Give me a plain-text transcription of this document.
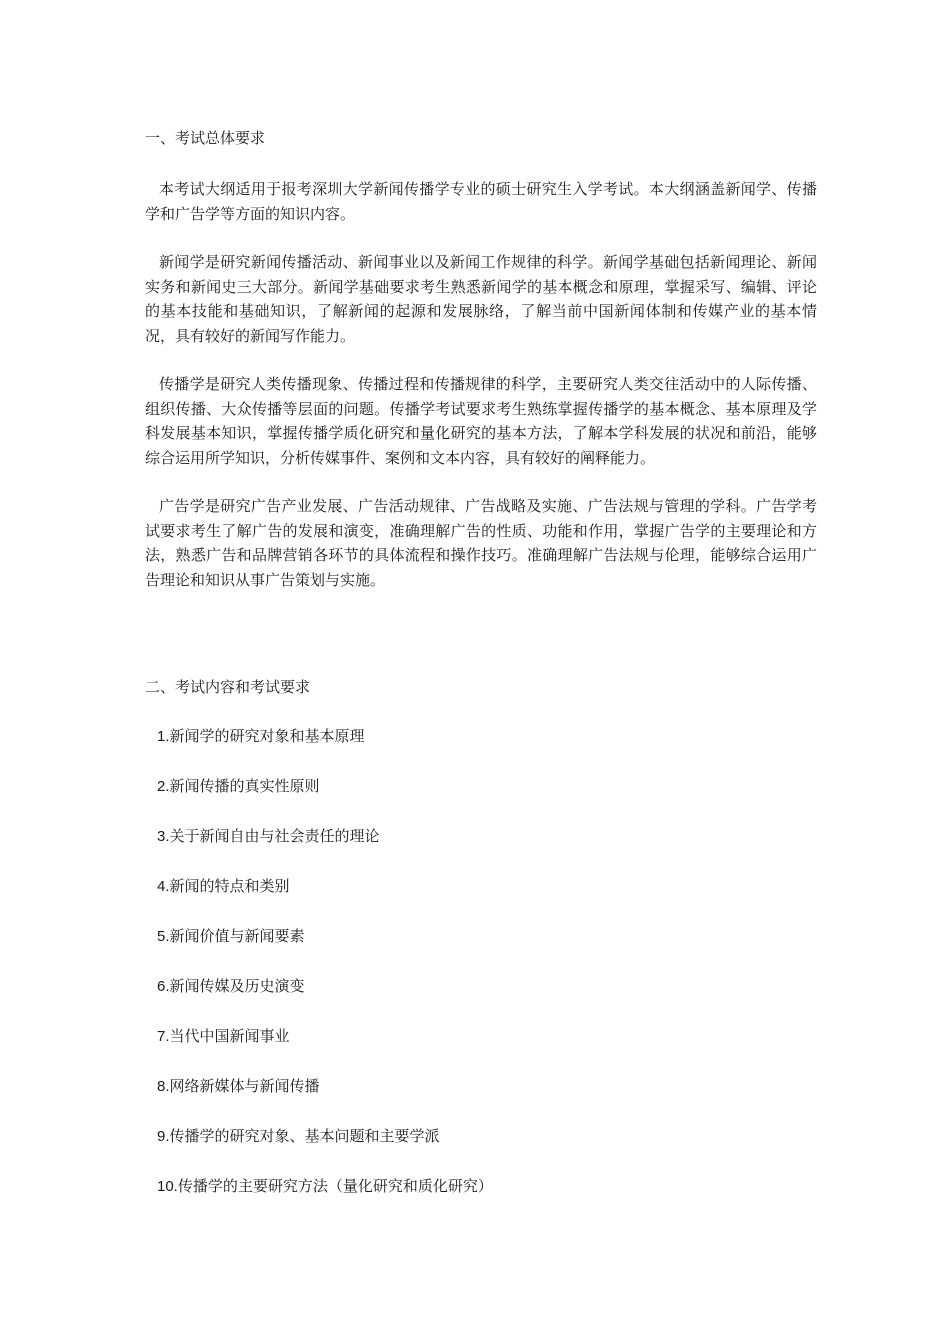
一、考试总体要求

本考试大纲适用于报考深圳大学新闻传播学专业的硕士研究生入学考试。本大纲涵盖新闻学、传播学和广告学等方面的知识内容。

新闻学是研究新闻传播活动、新闻事业以及新闻工作规律的科学。新闻学基础包括新闻理论、新闻实务和新闻史三大部分。新闻学基础要求考生熟悉新闻学的基本概念和原理，掌握采写、编辑、评论的基本技能和基础知识，了解新闻的起源和发展脉络，了解当前中国新闻体制和传媒产业的基本情况，具有较好的新闻写作能力。

传播学是研究人类传播现象、传播过程和传播规律的科学，主要研究人类交往活动中的人际传播、组织传播、大众传播等层面的问题。传播学考试要求考生熟练掌握传播学的基本概念、基本原理及学科发展基本知识，掌握传播学质化研究和量化研究的基本方法，了解本学科发展的状况和前沿，能够综合运用所学知识，分析传媒事件、案例和文本内容，具有较好的阐释能力。

广告学是研究广告产业发展、广告活动规律、广告战略及实施、广告法规与管理的学科。广告学考试要求考生了解广告的发展和演变，准确理解广告的性质、功能和作用，掌握广告学的主要理论和方法，熟悉广告和品牌营销各环节的具体流程和操作技巧。准确理解广告法规与伦理，能够综合运用广告理论和知识从事广告策划与实施。

二、考试内容和考试要求

1.新闻学的研究对象和基本原理
2.新闻传播的真实性原则
3.关于新闻自由与社会责任的理论
4.新闻的特点和类别
5.新闻价值与新闻要素
6.新闻传媒及历史演变
7.当代中国新闻事业
8.网络新媒体与新闻传播
9.传播学的研究对象、基本问题和主要学派
10.传播学的主要研究方法（量化研究和质化研究）
